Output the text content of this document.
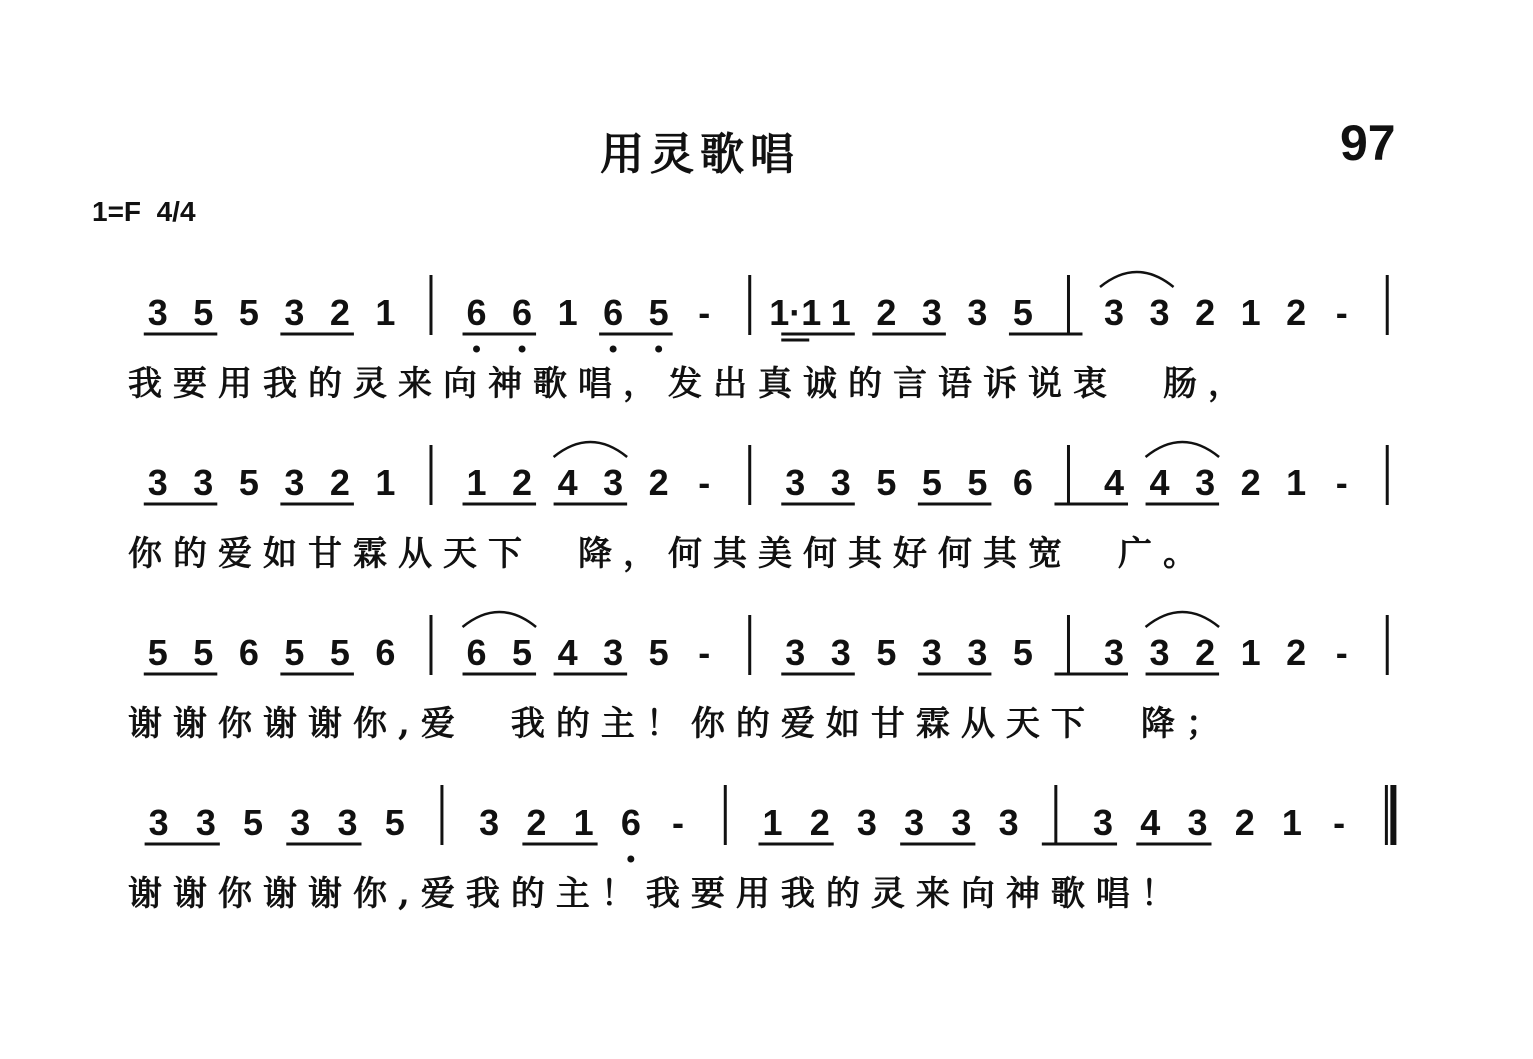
用灵歌唱	97
1=F  4/4
3 5 5 3 2 1 6 6 1 6 5 - 1·1 1 2 3 3 5 3 3 2 1 2 -
3 3 5 3 2 1 1 2 4 3 2 - 3 3 5 5 5 6 4 4 3 2 1 -
5 5 6 5 5 6 6 5 4 3 5 - 3 3 5 3 3 5 3 3 2 1 2 -
3 3 5 3 3 5 3 2 1 6 - 1 2 3 3 3 3 3 4 3 2 1 -
我要用我的灵来向神歌唱，发出真诚的言语诉说衷　肠，
你的爱如甘霖从天下　降，何其美何其好何其宽　广。
谢谢你谢谢你,爱　我的主！你的爱如甘霖从天下　降；
谢谢你谢谢你,爱我的主！我要用我的灵来向神歌唱！
